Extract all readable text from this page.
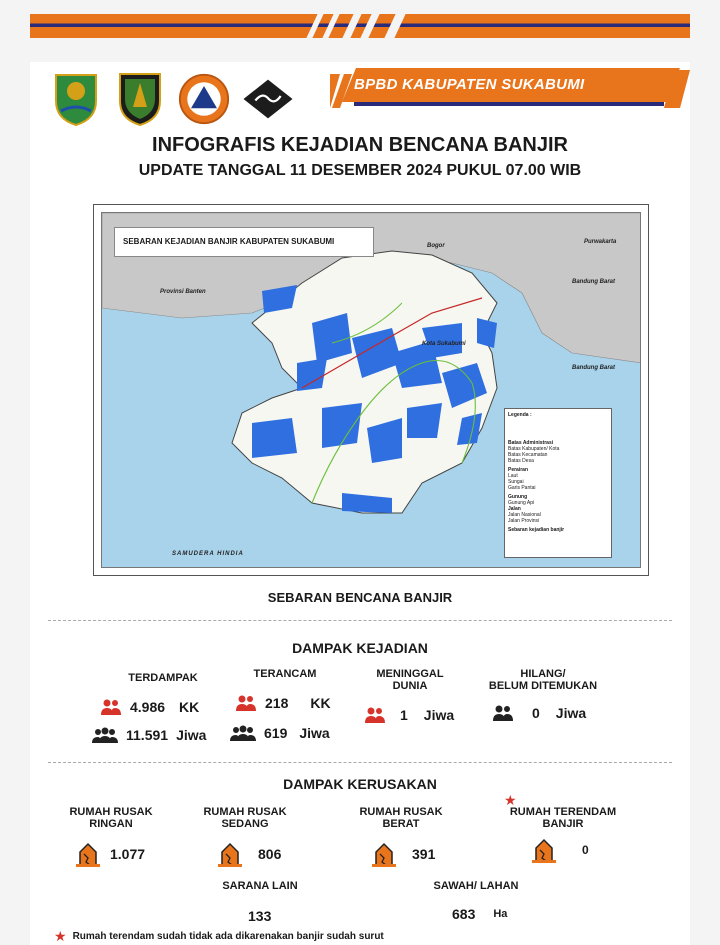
BPBD KABUPATEN SUKABUMI
INFOGRAFIS KEJADIAN BENCANA BANJIR
UPDATE TANGGAL 11 DESEMBER 2024 PUKUL 07.00 WIB
SEBARAN KEJADIAN BANJIR KABUPATEN SUKABUMI
Provinsi Banten
Bogor
Purwakarta
Bandung Barat
Bandung Barat
Kota Sukabumi
SAMUDERA HINDIA
Legenda :
Batas Administrasi
Batas Kabupaten/ Kota
Batas Kecamatan
Batas Desa
Perairan
Laut
Sungai
Garis Pantai
Gunung
Gunung Api
Jalan
Jalan Nasional
Jalan Provinsi
Sebaran kejadian banjir
SEBARAN BENCANA BANJIR
DAMPAK KEJADIAN
TERDAMPAK
4.986 KK
11.591 Jiwa
TERANCAM
218 KK
619 Jiwa
MENINGGAL
DUNIA
1 Jiwa
HILANG/
BELUM DITEMUKAN
0 Jiwa
DAMPAK KERUSAKAN
RUMAH RUSAK
RINGAN
1.077
RUMAH RUSAK
SEDANG
806
RUMAH RUSAK
BERAT
391
★
RUMAH TERENDAM
BANJIR
0
SARANA LAIN
133
SAWAH/ LAHAN
683 Ha
★ Rumah terendam sudah tidak ada dikarenakan banjir sudah surut
